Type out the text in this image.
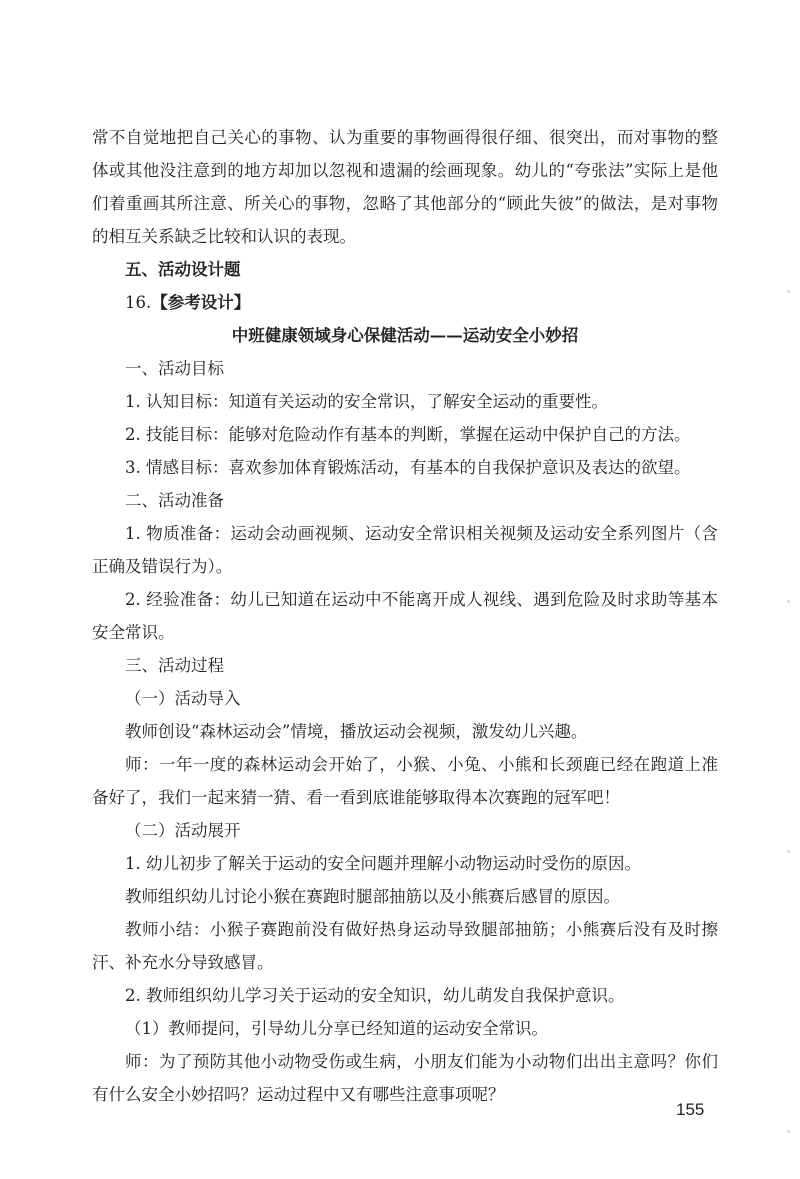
常不自觉地把自己关心的事物、认为重要的事物画得很仔细、很突出，而对事物的整体或其他没注意到的地方却加以忽视和遗漏的绘画现象。幼儿的“夸张法”实际上是他们着重画其所注意、所关心的事物，忽略了其他部分的“顾此失彼”的做法，是对事物的相互关系缺乏比较和认识的表现。

五、活动设计题

16.【参考设计】

中班健康领域身心保健活动——运动安全小妙招

一、活动目标

1. 认知目标：知道有关运动的安全常识，了解安全运动的重要性。

2. 技能目标：能够对危险动作有基本的判断，掌握在运动中保护自己的方法。

3. 情感目标：喜欢参加体育锻炼活动，有基本的自我保护意识及表达的欲望。

二、活动准备

1. 物质准备：运动会动画视频、运动安全常识相关视频及运动安全系列图片（含正确及错误行为）。

2. 经验准备：幼儿已知道在运动中不能离开成人视线、遇到危险及时求助等基本安全常识。

三、活动过程

（一）活动导入

教师创设“森林运动会”情境，播放运动会视频，激发幼儿兴趣。

师：一年一度的森林运动会开始了，小猴、小兔、小熊和长颈鹿已经在跑道上准备好了，我们一起来猜一猜、看一看到底谁能够取得本次赛跑的冠军吧！

（二）活动展开

1. 幼儿初步了解关于运动的安全问题并理解小动物运动时受伤的原因。

教师组织幼儿讨论小猴在赛跑时腿部抽筋以及小熊赛后感冒的原因。

教师小结：小猴子赛跑前没有做好热身运动导致腿部抽筋；小熊赛后没有及时擦汗、补充水分导致感冒。

2. 教师组织幼儿学习关于运动的安全知识，幼儿萌发自我保护意识。

（1）教师提问，引导幼儿分享已经知道的运动安全常识。

师：为了预防其他小动物受伤或生病，小朋友们能为小动物们出出主意吗？你们有什么安全小妙招吗？运动过程中又有哪些注意事项呢？

155
